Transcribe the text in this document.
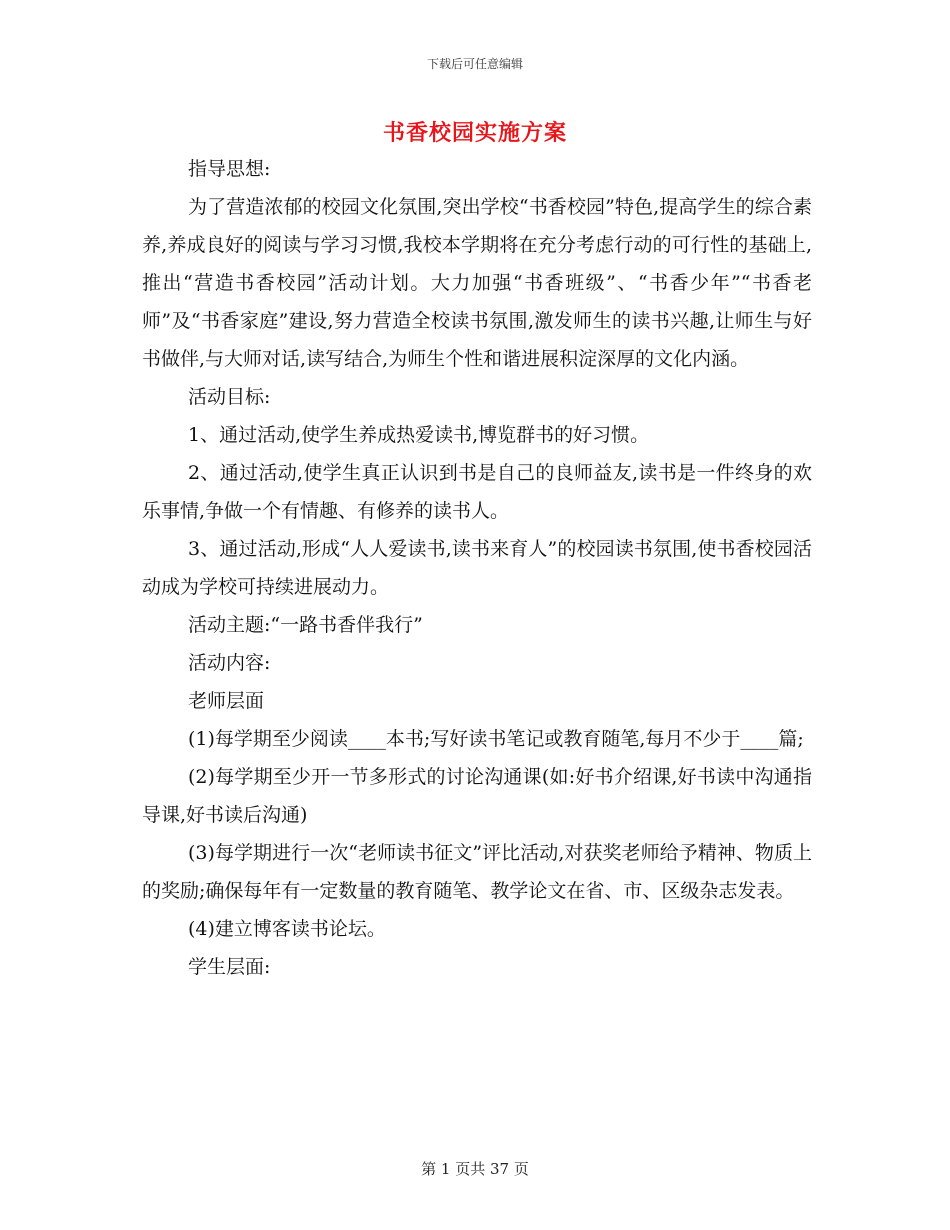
下载后可任意编辑
书香校园实施方案

指导思想:

为了营造浓郁的校园文化氛围,突出学校“书香校园”特色,提高学生的综合素养,养成良好的阅读与学习习惯,我校本学期将在充分考虑行动的可行性的基础上,推出“营造书香校园”活动计划。大力加强“书香班级”、“书香少年”“书香老师”及“书香家庭”建设,努力营造全校读书氛围,激发师生的读书兴趣,让师生与好书做伴,与大师对话,读写结合,为师生个性和谐进展积淀深厚的文化内涵。

活动目标:

1、通过活动,使学生养成热爱读书,博览群书的好习惯。

2、通过活动,使学生真正认识到书是自己的良师益友,读书是一件终身的欢乐事情,争做一个有情趣、有修养的读书人。

3、通过活动,形成“人人爱读书,读书来育人”的校园读书氛围,使书香校园活动成为学校可持续进展动力。

活动主题:“一路书香伴我行”

活动内容:

老师层面

(1)每学期至少阅读____本书;写好读书笔记或教育随笔,每月不少于____篇;

(2)每学期至少开一节多形式的讨论沟通课(如:好书介绍课,好书读中沟通指导课,好书读后沟通)

(3)每学期进行一次“老师读书征文”评比活动,对获奖老师给予精神、物质上的奖励;确保每年有一定数量的教育随笔、教学论文在省、市、区级杂志发表。

(4)建立博客读书论坛。

学生层面:

第 1 页共 37 页
